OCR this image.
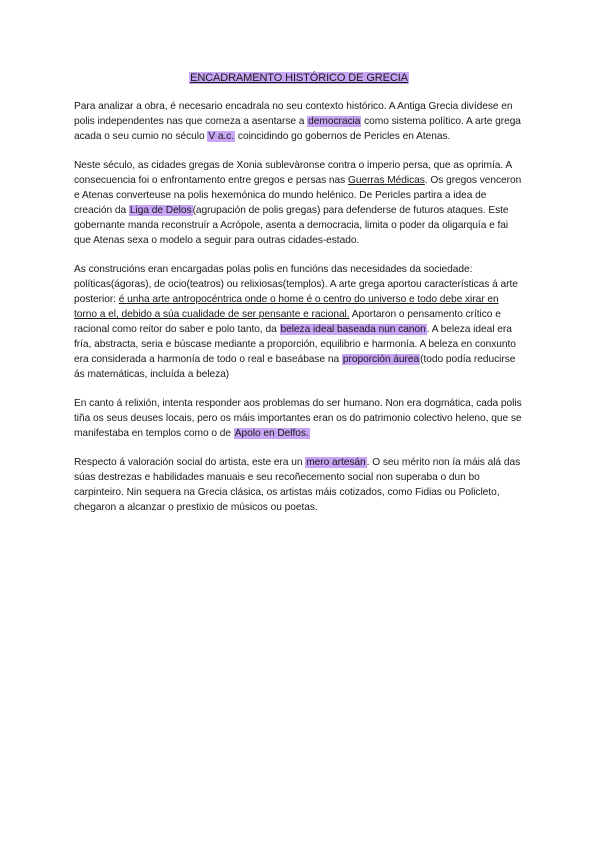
ENCADRAMENTO HISTÓRICO DE GRECIA

Para analizar a obra, é necesario encadrala no seu contexto histórico. A Antiga Grecia divídese en polis independentes nas que comeza a asentarse a democracia como sistema político. A arte grega acada o seu cumio no século V a.c. coincidindo go gobernos de Pericles en Atenas.

Neste século, as cidades gregas de Xonia sublevàronse contra o imperio persa, que as oprimía. A consecuencia foi o enfrontamento entre gregos e persas nas Guerras Médicas. Os gregos venceron e Atenas converteuse na polis hexemónica do mundo helénico. De Pericles partira a idea de creación da Liga de Delos(agrupación de polis gregas) para defenderse de futuros ataques. Este gobernante manda reconstruír a Acrópole, asenta a democracia, limita o poder da oligarquía e fai que Atenas sexa o modelo a seguir para outras cidades-estado.

As construcións eran encargadas polas polis en funcións das necesidades da sociedade: políticas(ágoras), de ocio(teatros) ou relixiosas(templos). A arte grega aportou características á arte posterior: é unha arte antropocéntrica onde o home é o centro do universo e todo debe xirar en torno a el, debido a súa cualidade de ser pensante e racional. Aportaron o pensamento crítico e racional como reitor do saber e polo tanto, da beleza ideal baseada nun canon. A beleza ideal era fría, abstracta, seria e búscase mediante a proporción, equilibrio e harmonía. A beleza en conxunto era considerada a harmonía de todo o real e baseábase na proporción áurea(todo podía reducirse ás matemáticas, incluída a beleza)

En canto á relixión, intenta responder aos problemas do ser humano. Non era dogmática, cada polis tiña os seus deuses locais, pero os máis importantes eran os do patrimonio colectivo heleno, que se manifestaba en templos como o de Apolo en Delfos.

Respecto á valoración social do artista, este era un mero artesán. O seu mérito non ía máis alá das súas destrezas e habilidades manuais e seu recoñecemento social non superaba o dun bo carpinteiro. Nin sequera na Grecia clásica, os artistas máis cotizados, como Fidias ou Policleto, chegaron a alcanzar o prestixio de músicos ou poetas.
